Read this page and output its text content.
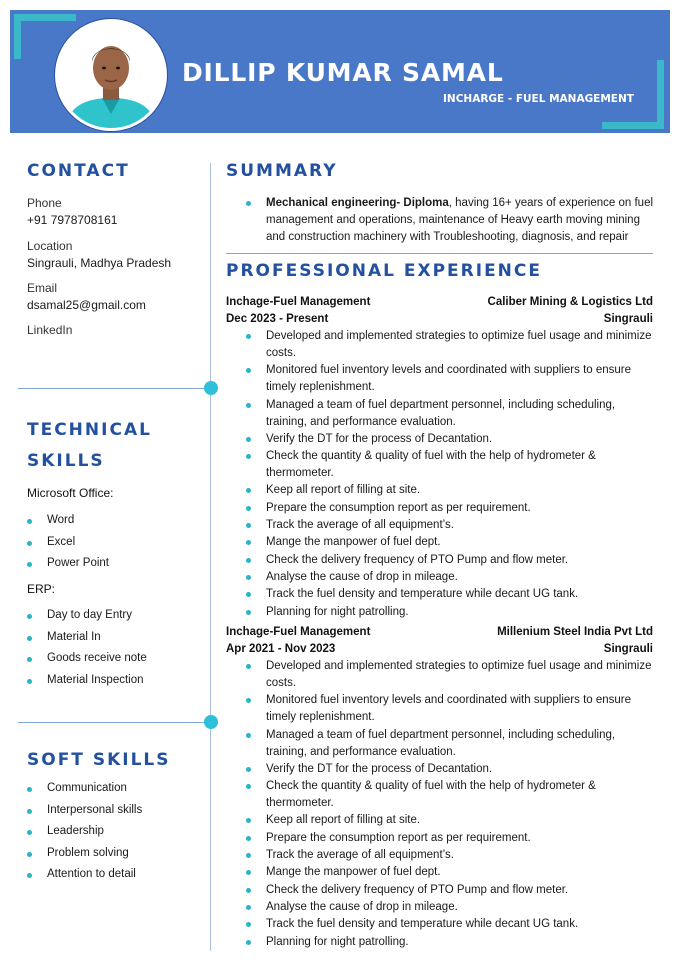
DILLIP KUMAR SAMAL
INCHARGE - FUEL MANAGEMENT
CONTACT
Phone
+91 7978708161
Location
Singrauli, Madhya Pradesh
Email
dsamal25@gmail.com
LinkedIn
TECHNICAL
SKILLS
Microsoft Office:
Word
Excel
Power Point
ERP:
Day to day Entry
Material In
Goods receive note
Material Inspection
SOFT SKILLS
Communication
Interpersonal skills
Leadership
Problem solving
Attention to detail
SUMMARY
Mechanical engineering- Diploma, having 16+ years of experience on fuel management and operations, maintenance of Heavy earth moving mining and construction machinery with Troubleshooting, diagnosis, and repair
PROFESSIONAL EXPERIENCE
Inchage-Fuel Management	Caliber Mining & Logistics Ltd
Dec 2023 - Present	Singrauli
Developed and implemented strategies to optimize fuel usage and minimize costs.
Monitored fuel inventory levels and coordinated with suppliers to ensure timely replenishment.
Managed a team of fuel department personnel, including scheduling, training, and performance evaluation.
Verify the DT for the process of Decantation.
Check the quantity & quality of fuel with the help of hydrometer & thermometer.
Keep all report of filling at site.
Prepare the consumption report as per requirement.
Track the average of all equipment’s.
Mange the manpower of fuel dept.
Check the delivery frequency of PTO Pump and flow meter.
Analyse the cause of drop in mileage.
Track the fuel density and temperature while decant UG tank.
Planning for night patrolling.
Inchage-Fuel Management	Millenium Steel India Pvt Ltd
Apr 2021 - Nov 2023	Singrauli
Developed and implemented strategies to optimize fuel usage and minimize costs.
Monitored fuel inventory levels and coordinated with suppliers to ensure timely replenishment.
Managed a team of fuel department personnel, including scheduling, training, and performance evaluation.
Verify the DT for the process of Decantation.
Check the quantity & quality of fuel with the help of hydrometer & thermometer.
Keep all report of filling at site.
Prepare the consumption report as per requirement.
Track the average of all equipment’s.
Mange the manpower of fuel dept.
Check the delivery frequency of PTO Pump and flow meter.
Analyse the cause of drop in mileage.
Track the fuel density and temperature while decant UG tank.
Planning for night patrolling.
